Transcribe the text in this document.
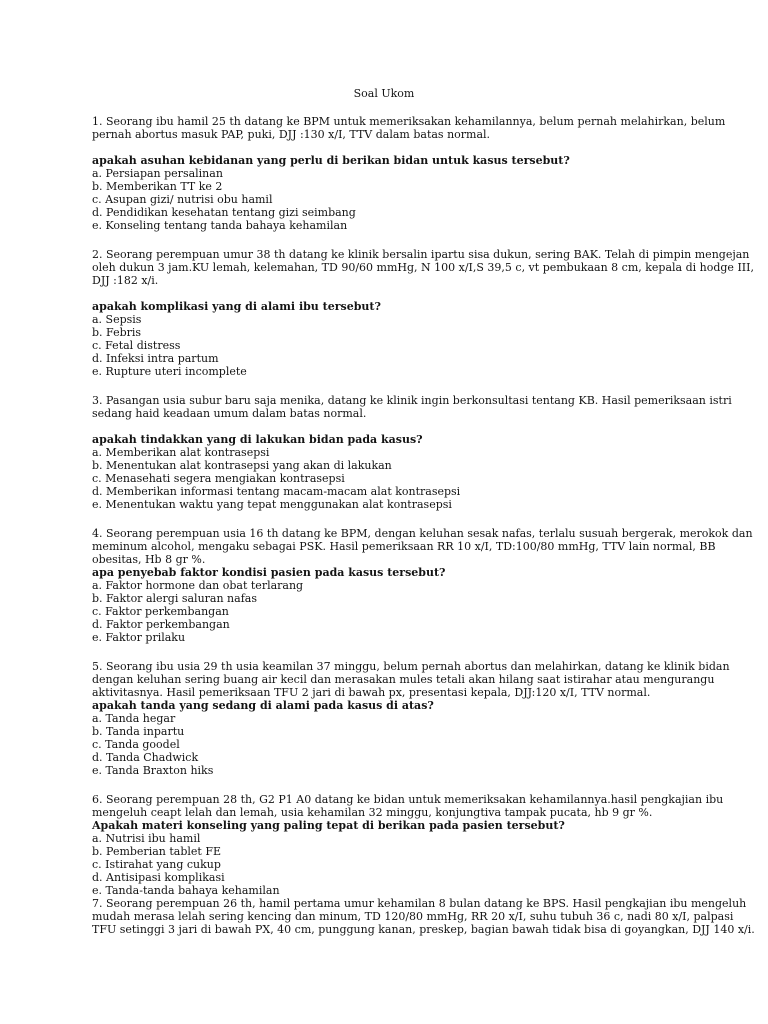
Soal Ukom
1. Seorang ibu hamil 25 th datang ke BPM untuk memeriksakan kehamilannya, belum pernah melahirkan, belum
pernah abortus masuk PAP, puki, DJJ :130 x/I, TTV dalam batas normal.
apakah asuhan kebidanan yang perlu di berikan bidan untuk kasus tersebut?
a. Persiapan persalinan
b. Memberikan TT ke 2
c. Asupan gizi/ nutrisi obu hamil
d. Pendidikan kesehatan tentang gizi seimbang
e. Konseling tentang tanda bahaya kehamilan
2. Seorang perempuan umur 38 th datang ke klinik bersalin ipartu sisa dukun, sering BAK. Telah di pimpin mengejan
oleh dukun 3 jam.KU lemah, kelemahan, TD 90/60 mmHg, N 100 x/I,S 39,5 c, vt pembukaan 8 cm, kepala di hodge III,
DJJ :182 x/i.
apakah komplikasi yang di alami ibu tersebut?
a. Sepsis
b. Febris
c. Fetal distress
d. Infeksi intra partum
e. Rupture uteri incomplete
3. Pasangan usia subur baru saja menika, datang ke klinik ingin berkonsultasi tentang KB. Hasil pemeriksaan istri
sedang haid keadaan umum dalam batas normal.
apakah tindakkan yang di lakukan bidan pada kasus?
a. Memberikan alat kontrasepsi
b. Menentukan alat kontrasepsi yang akan di lakukan
c. Menasehati segera mengiakan kontrasepsi
d. Memberikan informasi tentang macam-macam alat kontrasepsi
e. Menentukan waktu yang tepat menggunakan alat kontrasepsi
4. Seorang perempuan usia 16 th datang ke BPM, dengan keluhan sesak nafas, terlalu susuah bergerak, merokok dan
meminum alcohol, mengaku sebagai PSK. Hasil pemeriksaan RR 10 x/I, TD:100/80 mmHg, TTV lain normal, BB
obesitas, Hb 8 gr %.
apa penyebab faktor kondisi pasien pada kasus tersebut?
a. Faktor hormone dan obat terlarang
b. Faktor alergi saluran nafas
c. Faktor perkembangan
d. Faktor perkembangan
e. Faktor prilaku
5. Seorang ibu usia 29 th usia keamilan 37 minggu, belum pernah abortus dan melahirkan, datang ke klinik bidan
dengan keluhan sering buang air kecil dan merasakan mules tetali akan hilang saat istirahar atau mengurangu
aktivitasnya. Hasil pemeriksaan TFU 2 jari di bawah px, presentasi kepala, DJJ:120 x/I, TTV normal.
apakah tanda yang sedang di alami pada kasus di atas?
a. Tanda hegar
b. Tanda inpartu
c. Tanda goodel
d. Tanda Chadwick
e. Tanda Braxton hiks
6. Seorang perempuan 28 th, G2 P1 A0 datang ke bidan untuk memeriksakan kehamilannya.hasil pengkajian ibu
mengeluh ceapt lelah dan lemah, usia kehamilan 32 minggu, konjungtiva tampak pucata, hb 9 gr %.
Apakah materi konseling yang paling tepat di berikan pada pasien tersebut?
a. Nutrisi ibu hamil
b. Pemberian tablet FE
c. Istirahat yang cukup
d. Antisipasi komplikasi
e. Tanda-tanda bahaya kehamilan
7. Seorang perempuan 26 th, hamil pertama umur kehamilan 8 bulan datang ke BPS. Hasil pengkajian ibu mengeluh
mudah merasa lelah sering kencing dan minum, TD 120/80 mmHg, RR 20 x/I, suhu tubuh 36 c, nadi 80 x/I, palpasi
TFU setinggi 3 jari di bawah PX, 40 cm, punggung kanan, preskep, bagian bawah tidak bisa di goyangkan, DJJ 140 x/i.
